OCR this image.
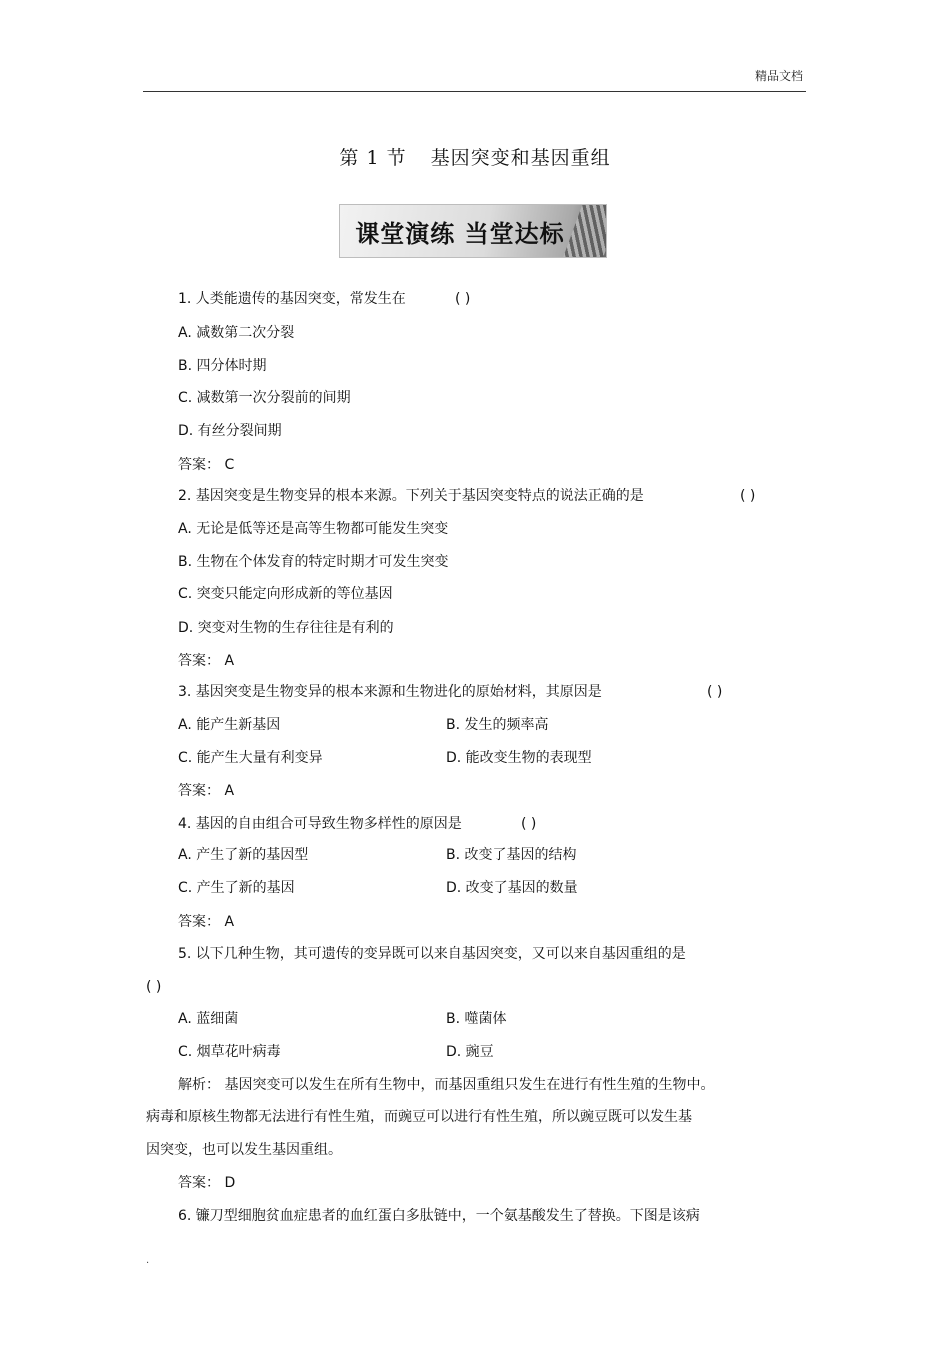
精品文档
第 1 节 基因突变和基因重组
课堂演练 当堂达标
1. 人类能遗传的基因突变，常发生在	( )
A. 减数第二次分裂
B. 四分体时期
C. 减数第一次分裂前的间期
D. 有丝分裂间期
答案： C
2. 基因突变是生物变异的根本来源。下列关于基因突变特点的说法正确的是	( )
A. 无论是低等还是高等生物都可能发生突变
B. 生物在个体发育的特定时期才可发生突变
C. 突变只能定向形成新的等位基因
D. 突变对生物的生存往往是有利的
答案： A
3. 基因突变是生物变异的根本来源和生物进化的原始材料，其原因是	( )
A. 能产生新基因	B. 发生的频率高
C. 能产生大量有利变异	D. 能改变生物的表现型
答案： A
4. 基因的自由组合可导致生物多样性的原因是	( )
A. 产生了新的基因型	B. 改变了基因的结构
C. 产生了新的基因	D. 改变了基因的数量
答案： A
5. 以下几种生物，其可遗传的变异既可以来自基因突变，又可以来自基因重组的是
( )
A. 蓝细菌	B. 噬菌体
C. 烟草花叶病毒	D. 豌豆
解析： 基因突变可以发生在所有生物中，而基因重组只发生在进行有性生殖的生物中。
病毒和原核生物都无法进行有性生殖，而豌豆可以进行有性生殖，所以豌豆既可以发生基
因突变，也可以发生基因重组。
答案： D
6. 镰刀型细胞贫血症患者的血红蛋白多肽链中，一个氨基酸发生了替换。下图是该病
.
